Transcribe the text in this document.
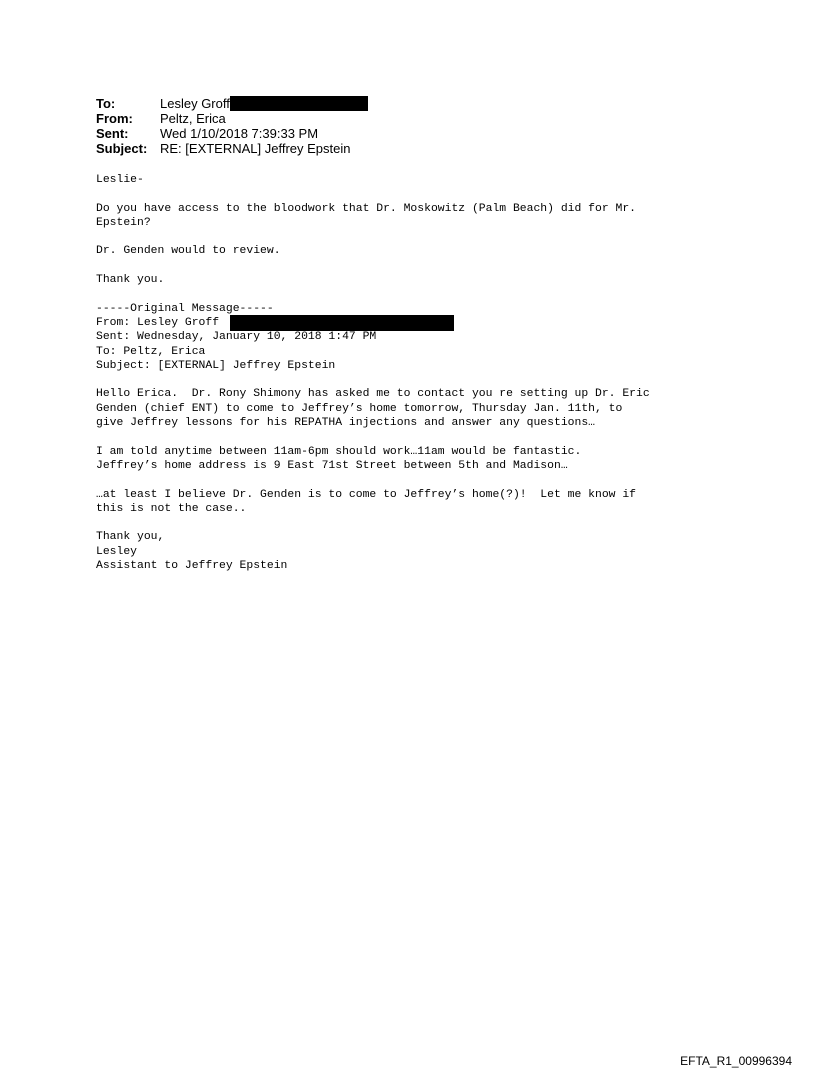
To:	Lesley Groff
From:	Peltz, Erica
Sent:	Wed 1/10/2018 7:39:33 PM
Subject: RE: [EXTERNAL] Jeffrey Epstein
Leslie-
Do you have access to the bloodwork that Dr. Moskowitz (Palm Beach) did for Mr.
Epstein?
Dr. Genden would to review.
Thank you.
-----Original Message-----
From: Lesley Groff
Sent: Wednesday, January 10, 2018 1:47 PM
To: Peltz, Erica
Subject: [EXTERNAL] Jeffrey Epstein
Hello Erica.  Dr. Rony Shimony has asked me to contact you re setting up Dr. Eric
Genden (chief ENT) to come to Jeffrey’s home tomorrow, Thursday Jan. 11th, to
give Jeffrey lessons for his REPATHA injections and answer any questions…
I am told anytime between 11am-6pm should work…11am would be fantastic.
Jeffrey’s home address is 9 East 71st Street between 5th and Madison…
…at least I believe Dr. Genden is to come to Jeffrey’s home(?)!  Let me know if
this is not the case..
Thank you,
Lesley
Assistant to Jeffrey Epstein
EFTA_R1_00996394
